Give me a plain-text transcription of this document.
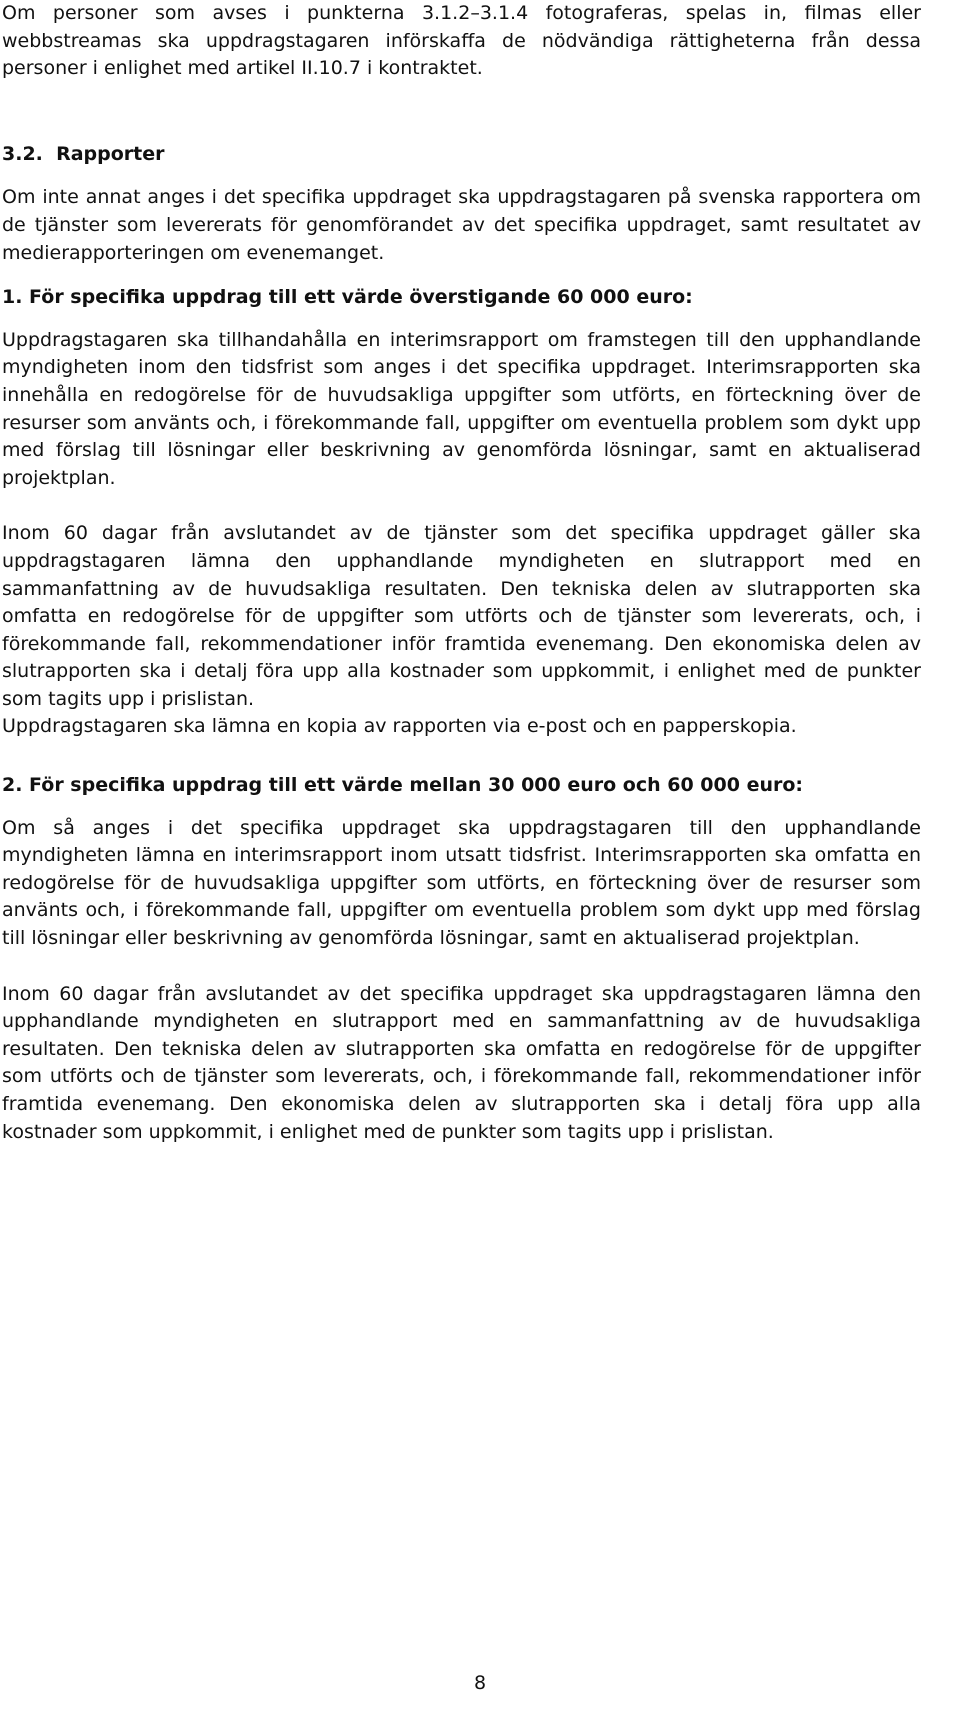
Om personer som avses i punkterna 3.1.2–3.1.4 fotograferas, spelas in, filmas eller webbstreamas ska uppdragstagaren införskaffa de nödvändiga rättigheterna från dessa personer i enlighet med artikel II.10.7 i kontraktet.

3.2.  Rapporter

Om inte annat anges i det specifika uppdraget ska uppdragstagaren på svenska rapportera om de tjänster som levererats för genomförandet av det specifika uppdraget, samt resultatet av medierapporteringen om evenemanget.

1. För specifika uppdrag till ett värde överstigande 60 000 euro:

Uppdragstagaren ska tillhandahålla en interimsrapport om framstegen till den upphandlande myndigheten inom den tidsfrist som anges i det specifika uppdraget. Interimsrapporten ska innehålla en redogörelse för de huvudsakliga uppgifter som utförts, en förteckning över de resurser som använts och, i förekommande fall, uppgifter om eventuella problem som dykt upp med förslag till lösningar eller beskrivning av genomförda lösningar, samt en aktualiserad projektplan.

Inom 60 dagar från avslutandet av de tjänster som det specifika uppdraget gäller ska uppdragstagaren lämna den upphandlande myndigheten en slutrapport med en sammanfattning av de huvudsakliga resultaten. Den tekniska delen av slutrapporten ska omfatta en redogörelse för de uppgifter som utförts och de tjänster som levererats, och, i förekommande fall, rekommendationer inför framtida evenemang. Den ekonomiska delen av slutrapporten ska i detalj föra upp alla kostnader som uppkommit, i enlighet med de punkter som tagits upp i prislistan.

Uppdragstagaren ska lämna en kopia av rapporten via e-post och en papperskopia.

2. För specifika uppdrag till ett värde mellan 30 000 euro och 60 000 euro:

Om så anges i det specifika uppdraget ska uppdragstagaren till den upphandlande myndigheten lämna en interimsrapport inom utsatt tidsfrist. Interimsrapporten ska omfatta en redogörelse för de huvudsakliga uppgifter som utförts, en förteckning över de resurser som använts och, i förekommande fall, uppgifter om eventuella problem som dykt upp med förslag till lösningar eller beskrivning av genomförda lösningar, samt en aktualiserad projektplan.

Inom 60 dagar från avslutandet av det specifika uppdraget ska uppdragstagaren lämna den upphandlande myndigheten en slutrapport med en sammanfattning av de huvudsakliga resultaten. Den tekniska delen av slutrapporten ska omfatta en redogörelse för de uppgifter som utförts och de tjänster som levererats, och, i förekommande fall, rekommendationer inför framtida evenemang. Den ekonomiska delen av slutrapporten ska i detalj föra upp alla kostnader som uppkommit, i enlighet med de punkter som tagits upp i prislistan.

8
